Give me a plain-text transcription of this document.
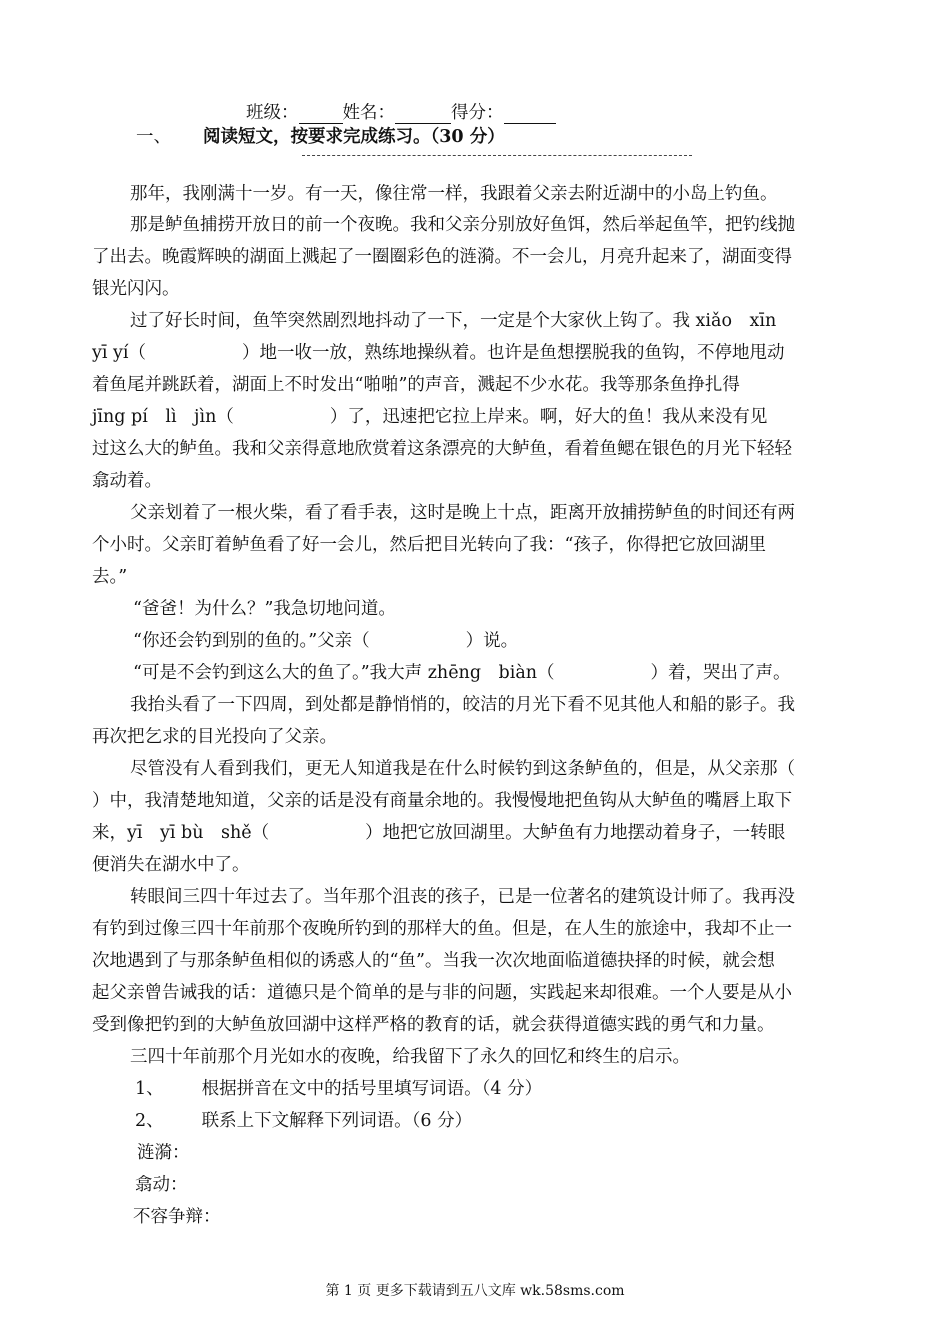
班级：	姓名：	得分：
一、 阅读短文，按要求完成练习。（30 分）
那年，我刚满十一岁。有一天，像往常一样，我跟着父亲去附近湖中的小岛上钓鱼。
那是鲈鱼捕捞开放日的前一个夜晚。我和父亲分别放好鱼饵，然后举起鱼竿，把钓线抛
了出去。晚霞辉映的湖面上溅起了一圈圈彩色的涟漪。不一会儿，月亮升起来了，湖面变得
银光闪闪。
过了好长时间，鱼竿突然剧烈地抖动了一下，一定是个大家伙上钩了。我 xiǎo　xīn
yī yí（	）地一收一放，熟练地操纵着。也许是鱼想摆脱我的鱼钩，不停地甩动
着鱼尾并跳跃着，湖面上不时发出“啪啪”的声音，溅起不少水花。我等那条鱼挣扎得
jīng pí　lì　jìn（	）了，迅速把它拉上岸来。啊，好大的鱼！我从来没有见
过这么大的鲈鱼。我和父亲得意地欣赏着这条漂亮的大鲈鱼，看着鱼鳃在银色的月光下轻轻
翕动着。
父亲划着了一根火柴，看了看手表，这时是晚上十点，距离开放捕捞鲈鱼的时间还有两
个小时。父亲盯着鲈鱼看了好一会儿，然后把目光转向了我：“孩子，你得把它放回湖里
去。”
“爸爸！为什么？”我急切地问道。
“你还会钓到别的鱼的。”父亲（	）说。
“可是不会钓到这么大的鱼了。”我大声 zhēng　biàn（	）着，哭出了声。
我抬头看了一下四周，到处都是静悄悄的，皎洁的月光下看不见其他人和船的影子。我
再次把乞求的目光投向了父亲。
尽管没有人看到我们，更无人知道我是在什么时候钓到这条鲈鱼的，但是，从父亲那（
）中，我清楚地知道，父亲的话是没有商量余地的。我慢慢地把鱼钩从大鲈鱼的嘴唇上取下
来，yī　yī bù　shě（	）地把它放回湖里。大鲈鱼有力地摆动着身子，一转眼
便消失在湖水中了。
转眼间三四十年过去了。当年那个沮丧的孩子，已是一位著名的建筑设计师了。我再没
有钓到过像三四十年前那个夜晚所钓到的那样大的鱼。但是，在人生的旅途中，我却不止一
次地遇到了与那条鲈鱼相似的诱惑人的“鱼”。当我一次次地面临道德抉择的时候，就会想
起父亲曾告诫我的话：道德只是个简单的是与非的问题，实践起来却很难。一个人要是从小
受到像把钓到的大鲈鱼放回湖中这样严格的教育的话，就会获得道德实践的勇气和力量。
三四十年前那个月光如水的夜晚，给我留下了永久的回忆和终生的启示。
1、 根据拼音在文中的括号里填写词语。（4 分）
2、 联系上下文解释下列词语。（6 分）
涟漪：
翕动：
不容争辩：
第 1 页 更多下载请到五八文库 wk.58sms.com
